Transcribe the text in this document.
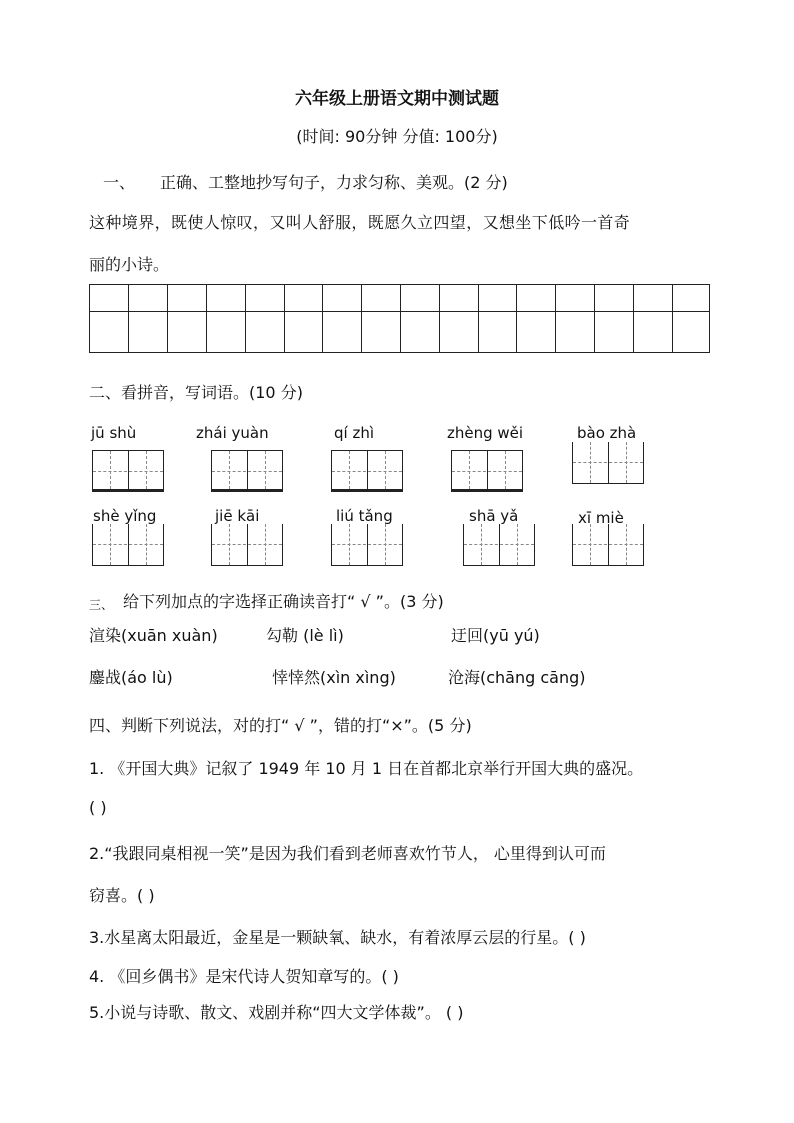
六年级上册语文期中测试题
(时间: 90分钟 分值: 100分)
一、 正确、工整地抄写句子，力求匀称、美观。(2 分)
这种境界，既使人惊叹，又叫人舒服，既愿久立四望，又想坐下低吟一首奇
丽的小诗。
二、看拼音，写词语。(10 分)
jū shù	zhái yuàn	qí zhì	zhèng wěi	bào zhà
shè yǐng	jiē kāi	liú tǎng	shā yǎ	xī miè
三、 给下列加点的字选择正确读音打“ √ ”。(3 分)
渲染(xuān xuàn)	勾勒 (lè lì)	迂回(yū yú)
鏖战(áo lù)	悻悻然(xìn xìng)	沧海(chāng cāng)
四、判断下列说法，对的打“ √ ”，错的打“×”。(5 分)
1. 《开国大典》记叙了 1949 年 10 月 1 日在首都北京举行开国大典的盛况。
( )
2.“我跟同桌相视一笑”是因为我们看到老师喜欢竹节人， 心里得到认可而
窃喜。( )
3.水星离太阳最近，金星是一颗缺氧、缺水，有着浓厚云层的行星。( )
4. 《回乡偶书》是宋代诗人贺知章写的。( )
5.小说与诗歌、散文、戏剧并称“四大文学体裁”。 ( )
